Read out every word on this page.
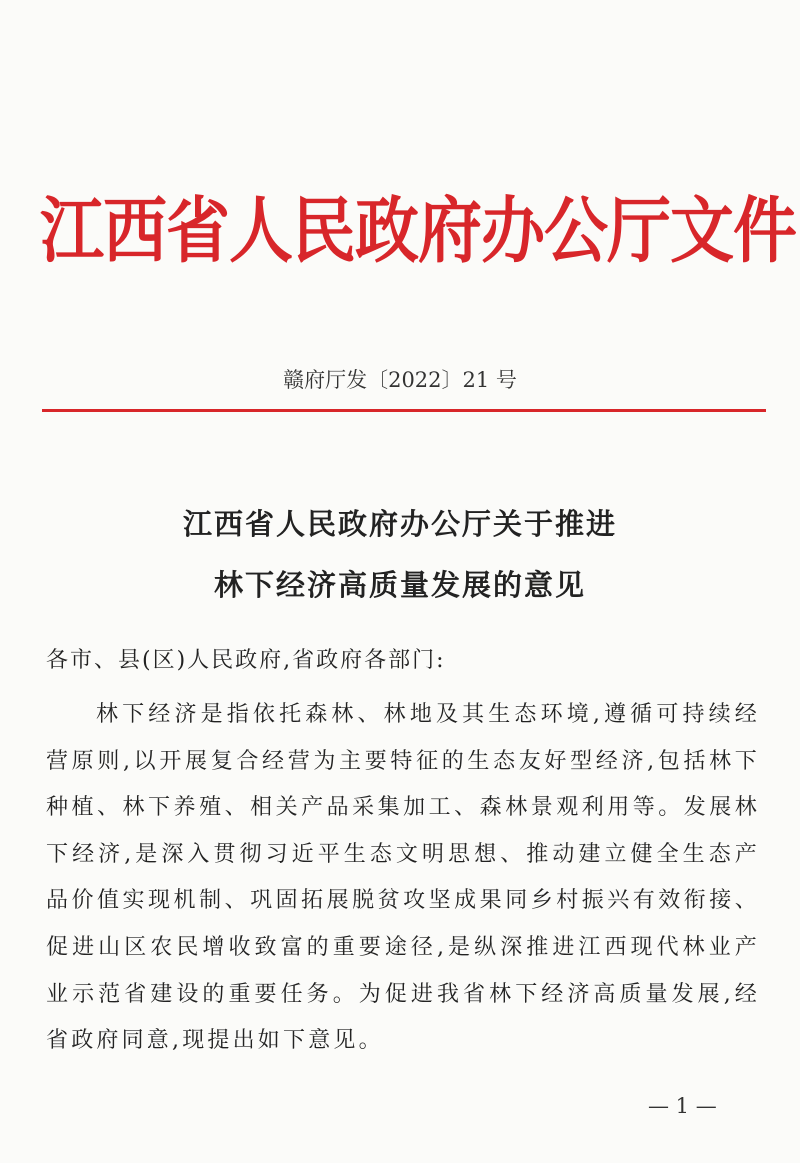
江西省人民政府办公厅文件
赣府厅发〔2022〕21 号
江西省人民政府办公厅关于推进
林下经济高质量发展的意见
各市、县(区)人民政府,省政府各部门:

林下经济是指依托森林、林地及其生态环境,遵循可持续经营原则,以开展复合经营为主要特征的生态友好型经济,包括林下种植、林下养殖、相关产品采集加工、森林景观利用等。发展林下经济,是深入贯彻习近平生态文明思想、推动建立健全生态产品价值实现机制、巩固拓展脱贫攻坚成果同乡村振兴有效衔接、促进山区农民增收致富的重要途径,是纵深推进江西现代林业产业示范省建设的重要任务。为促进我省林下经济高质量发展,经省政府同意,现提出如下意见。

— 1 —
